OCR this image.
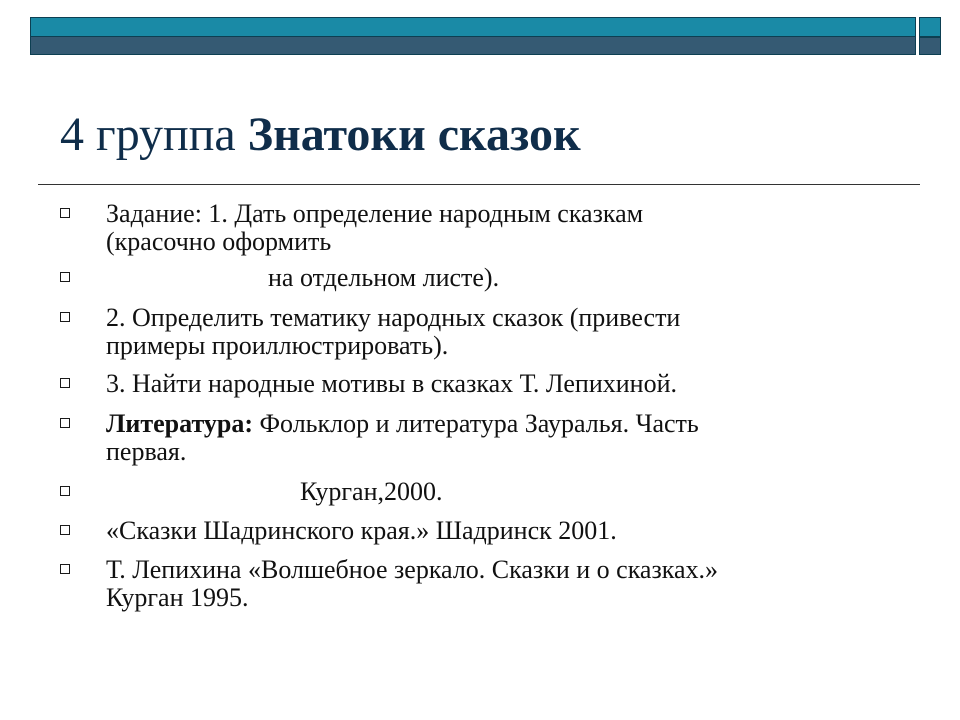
4 группа Знатоки сказок
Задание: 1. Дать определение народным сказкам
(красочно оформить
на отдельном листе).
2. Определить тематику народных сказок (привести
примеры проиллюстрировать).
3. Найти народные мотивы в сказках Т. Лепихиной.
Литература: Фольклор и литература Зауралья. Часть
первая.
Курган,2000.
«Сказки Шадринского края.» Шадринск 2001.
Т. Лепихина «Волшебное зеркало. Сказки и о сказках.»
Курган 1995.
